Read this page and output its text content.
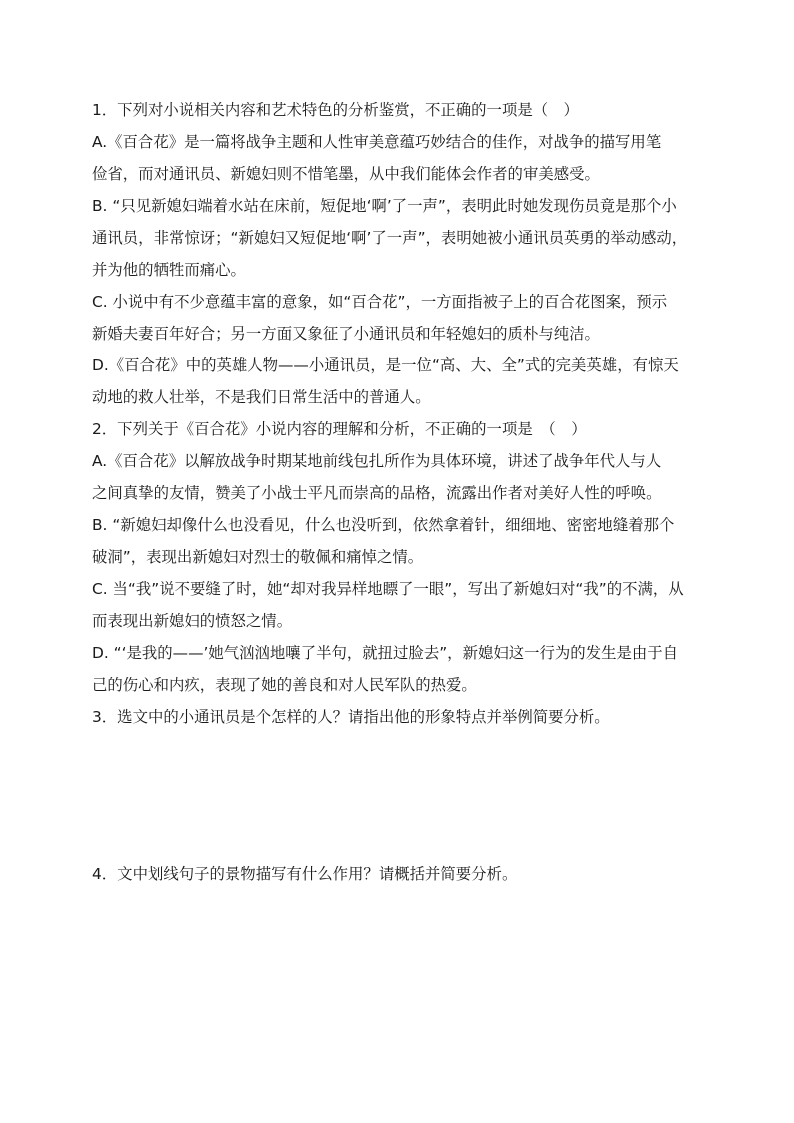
1．下列对小说相关内容和艺术特色的分析鉴赏，不正确的一项是（　）
A.《百合花》是一篇将战争主题和人性审美意蕴巧妙结合的佳作，对战争的描写用笔
俭省，而对通讯员、新媳妇则不惜笔墨，从中我们能体会作者的审美感受。
B. “只见新媳妇端着水站在床前，短促地‘啊’了一声”，表明此时她发现伤员竟是那个小
通讯员，非常惊讶；“新媳妇又短促地‘啊’了一声”，表明她被小通讯员英勇的举动感动，
并为他的牺牲而痛心。
C. 小说中有不少意蕴丰富的意象，如“百合花”，一方面指被子上的百合花图案，预示
新婚夫妻百年好合；另一方面又象征了小通讯员和年轻媳妇的质朴与纯洁。
D.《百合花》中的英雄人物——小通讯员，是一位“高、大、全”式的完美英雄，有惊天
动地的救人壮举，不是我们日常生活中的普通人。
2．下列关于《百合花》小说内容的理解和分析，不正确的一项是　（　）
A.《百合花》以解放战争时期某地前线包扎所作为具体环境，讲述了战争年代人与人
之间真挚的友情，赞美了小战士平凡而崇高的品格，流露出作者对美好人性的呼唤。
B. “新媳妇却像什么也没看见，什么也没听到，依然拿着针，细细地、密密地缝着那个
破洞”，表现出新媳妇对烈士的敬佩和痛悼之情。
C. 当“我”说不要缝了时，她“却对我异样地瞟了一眼”，写出了新媳妇对“我”的不满，从
而表现出新媳妇的愤怒之情。
D. “‘是我的——’她气汹汹地嚷了半句，就扭过脸去”，新媳妇这一行为的发生是由于自
己的伤心和内疚，表现了她的善良和对人民军队的热爱。
3．选文中的小通讯员是个怎样的人？请指出他的形象特点并举例简要分析。
4．文中划线句子的景物描写有什么作用？请概括并简要分析。
